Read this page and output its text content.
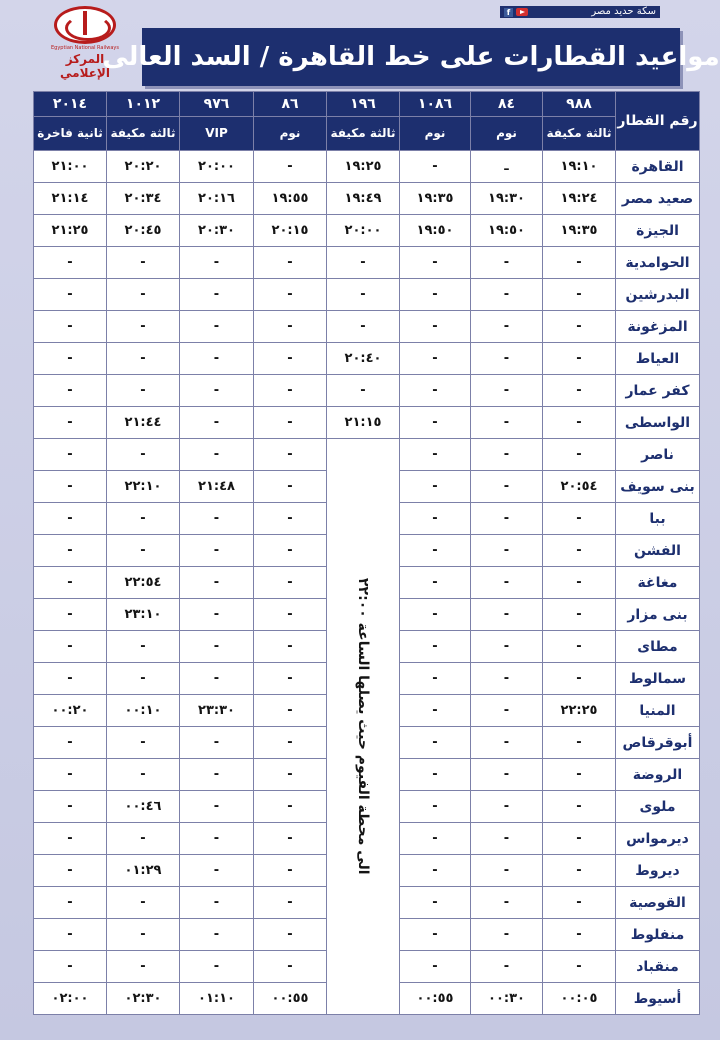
f	سكة حديد مصر
Egyptian National Railways
المركز الإعلامي
مواعيد القطارات على خط القاهرة / السد العالى
رقم القطار	٩٨٨	٨٤	١٠٨٦	١٩٦	٨٦	٩٧٦	١٠١٢	٢٠١٤
	ثالثة مكيفة	نوم	نوم	ثالثة مكيفة	نوم	VIP	ثالثة مكيفة	ثانية فاخرة
القاهرة	١٩:١٠	ـ	-	١٩:٢٥	-	٢٠:٠٠	٢٠:٢٠	٢١:٠٠
صعيد مصر	١٩:٢٤	١٩:٣٠	١٩:٣٥	١٩:٤٩	١٩:٥٥	٢٠:١٦	٢٠:٣٤	٢١:١٤
الجيزة	١٩:٣٥	١٩:٥٠	١٩:٥٠	٢٠:٠٠	٢٠:١٥	٢٠:٣٠	٢٠:٤٥	٢١:٢٥
الحوامدية	-	-	-	-	-	-	-	-
البدرشين	-	-	-	-	-	-	-	-
المزغونة	-	-	-	-	-	-	-	-
العياط	-	-	-	٢٠:٤٠	-	-	-	-
كفر عمار	-	-	-	-	-	-	-	-
الواسطى	-	-	-	٢١:١٥	-	-	٢١:٤٤	-
ناصر	-	-	-	الى محطة الفيوم حيث يصلها الساعة ٢٢:٠٠	-	-	-	-
بنى سويف	٢٠:٥٤	-	-		-	٢١:٤٨	٢٢:١٠	-
ببا	-	-	-		-	-	-	-
الفشن	-	-	-		-	-	-	-
مغاغة	-	-	-		-	-	٢٢:٥٤	-
بنى مزار	-	-	-		-	-	٢٣:١٠	-
مطاى	-	-	-		-	-	-	-
سمالوط	-	-	-		-	-	-	-
المنيا	٢٢:٢٥	-	-		-	٢٣:٣٠	٠٠:١٠	٠٠:٢٠
أبوقرقاص	-	-	-		-	-	-	-
الروضة	-	-	-		-	-	-	-
ملوى	-	-	-		-	-	٠٠:٤٦	-
ديرمواس	-	-	-		-	-	-	-
ديروط	-	-	-		-	-	٠١:٢٩	-
القوصية	-	-	-		-	-	-	-
منفلوط	-	-	-		-	-	-	-
منقباد	-	-	-		-	-	-	-
أسيوط	٠٠:٠٥	٠٠:٣٠	٠٠:٥٥		٠٠:٥٥	٠١:١٠	٠٢:٣٠	٠٢:٠٠
